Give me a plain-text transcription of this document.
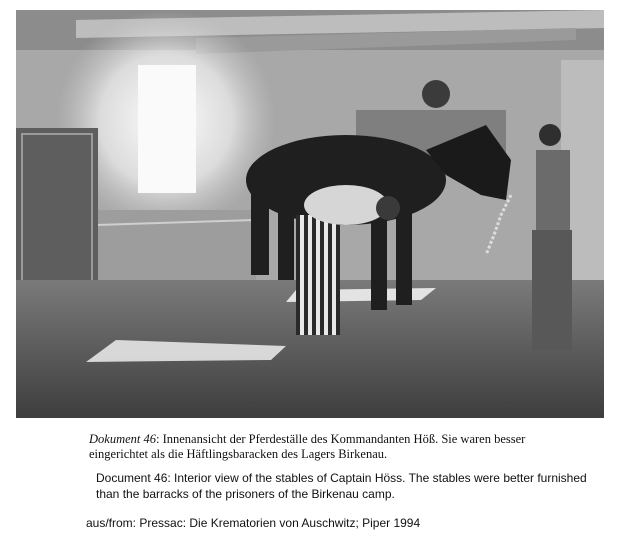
Dokument 46: Innenansicht der Pferdeställe des Kommandanten Höß. Sie waren besser eingerichtet als die Häftlingsbaracken des Lagers Birkenau.
Document 46: Interior view of the stables of Captain Höss. The stables were better furnished than the barracks of the prisoners of the Birkenau camp.
aus/from: Pressac: Die Krematorien von Auschwitz; Piper 1994
